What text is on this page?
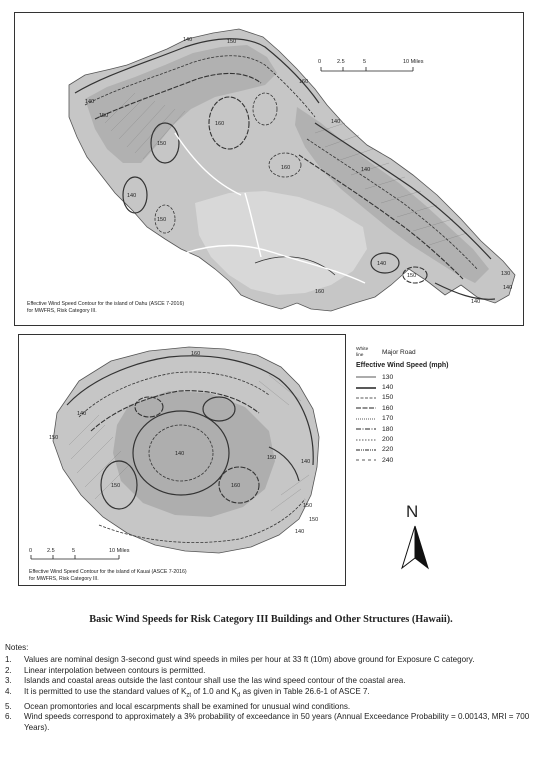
140	150
160
140
150
140
160
150
140
150
140
160
140
150	130
140
160
140
0	2.5	5	10 Miles
Effective Wind Speed Contour for the island of Oahu (ASCE 7-2016)
for MWFRS, Risk Category III.
160
140
150
140
150
140
150	160
150
150
140
0	2.5	5	10 Miles
Effective Wind Speed Contour for the island of Kauai (ASCE 7-2016)
for MWFRS, Risk Category III.
White
line	Major Road
Effective Wind Speed (mph)
130
140
150
160
170
180
200
220
240
N
Basic Wind Speeds for Risk Category III Buildings and Other Structures (Hawaii).
Notes:
1.	Values are nominal design 3-second gust wind speeds in miles per hour at 33 ft (10m) above ground for Exposure C category.
2.	Linear interpolation between contours is permitted.
3.	Islands and coastal areas outside the last contour shall use the las wind speed contour of the coastal area.
4.	It is permitted to use the standard values of $K_{zt}$ of 1.0 and $K_d$ as given in Table 26.6-1 of ASCE 7.
5.	Ocean promontories and local escarpments shall be examined for unusual wind conditions.
6.	Wind speeds correspond to approximately a 3% probability of exceedance in 50 years (Annual Exceedance Probability = 0.00143, MRI = 700 Years).
